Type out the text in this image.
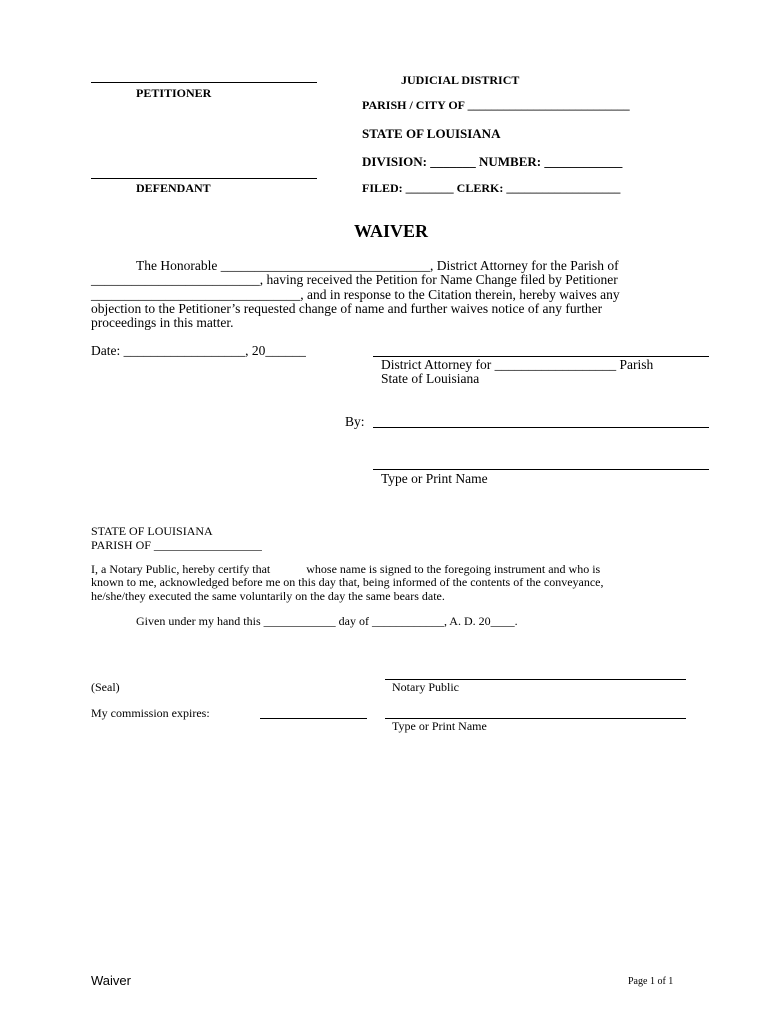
PETITIONER
DEFENDANT
JUDICIAL DISTRICT
PARISH / CITY OF ___________________________
STATE OF LOUISIANA
DIVISION: _______ NUMBER: ____________
FILED: ________ CLERK: ___________________
WAIVER
The Honorable _______________________________, District Attorney for the Parish of
_________________________, having received the Petition for Name Change filed by Petitioner
_______________________________, and in response to the Citation therein, hereby waives any
objection to the Petitioner’s requested change of name and further waives notice of any further
proceedings in this matter.
Date: __________________, 20______
District Attorney for __________________ Parish
State of Louisiana
By:
Type or Print Name
STATE OF LOUISIANA
PARISH OF __________________
I, a Notary Public, hereby certify that            whose name is signed to the foregoing instrument and who is
known to me, acknowledged before me on this day that, being informed of the contents of the conveyance,
he/she/they executed the same voluntarily on the day the same bears date.
Given under my hand this ____________ day of ____________, A. D. 20____.
(Seal)	Notary Public
My commission expires:
Type or Print Name
Waiver	Page 1 of 1
